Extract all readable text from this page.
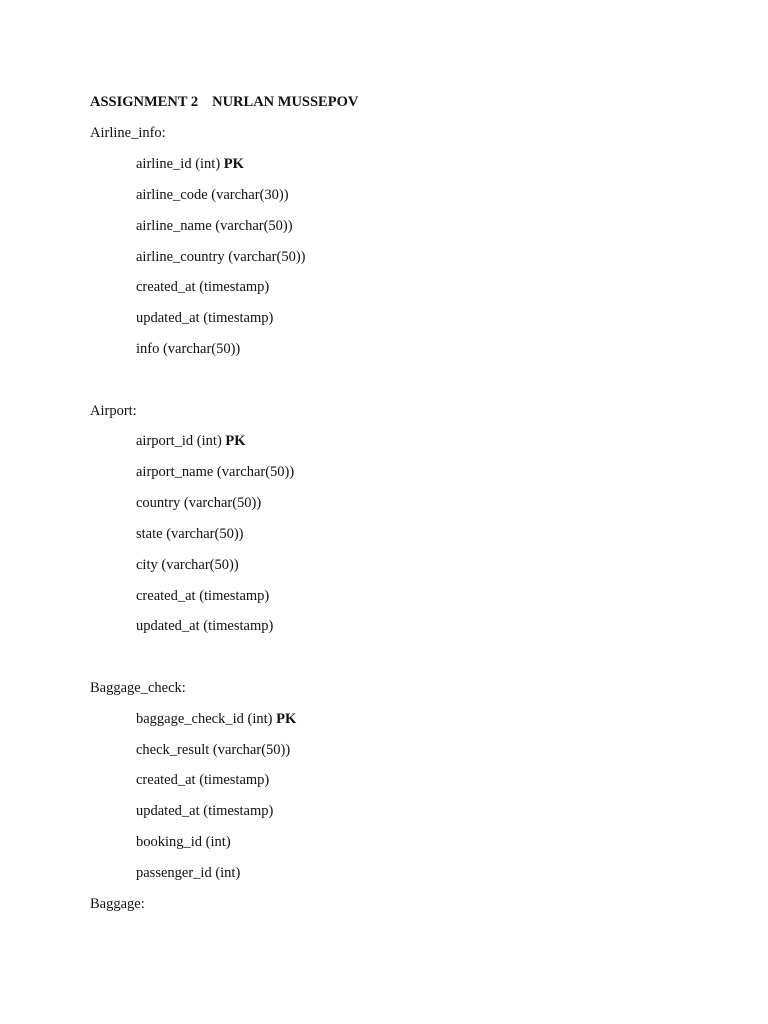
ASSIGNMENT 2 NURLAN MUSSEPOV
Airline_info:
airline_id (int) PK
airline_code (varchar(30))
airline_name (varchar(50))
airline_country (varchar(50))
created_at (timestamp)
updated_at (timestamp)
info (varchar(50))
Airport:
airport_id (int) PK
airport_name (varchar(50))
country (varchar(50))
state (varchar(50))
city (varchar(50))
created_at (timestamp)
updated_at (timestamp)
Baggage_check:
baggage_check_id (int) PK
check_result (varchar(50))
created_at (timestamp)
updated_at (timestamp)
booking_id (int)
passenger_id (int)
Baggage:
